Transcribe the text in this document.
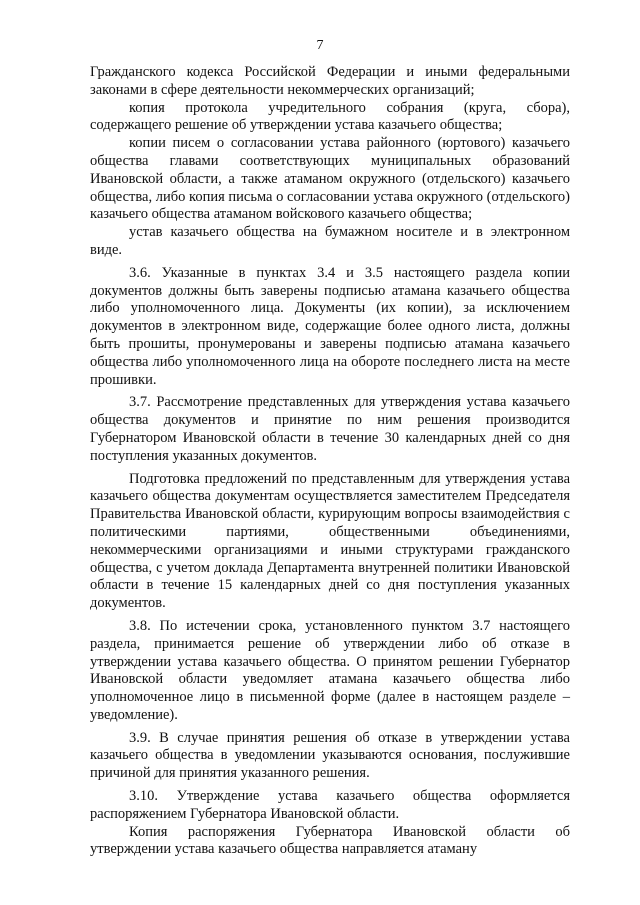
7

Гражданского кодекса Российской Федерации и иными федеральными законами в сфере деятельности некоммерческих организаций;

копия протокола учредительного собрания (круга, сбора), содержащего решение об утверждении устава казачьего общества;

копии писем о согласовании устава районного (юртового) казачьего общества главами соответствующих муниципальных образований Ивановской области, а также атаманом окружного (отдельского) казачьего общества, либо копия письма о согласовании устава окружного (отдельского) казачьего общества атаманом войскового казачьего общества;

устав казачьего общества на бумажном носителе и в электронном виде.

3.6. Указанные в пунктах 3.4 и 3.5 настоящего раздела копии документов должны быть заверены подписью атамана казачьего общества либо уполномоченного лица. Документы (их копии), за исключением документов в электронном виде, содержащие более одного листа, должны быть прошиты, пронумерованы и заверены подписью атамана казачьего общества либо уполномоченного лица на обороте последнего листа на месте прошивки.

3.7. Рассмотрение представленных для утверждения устава казачьего общества документов и принятие по ним решения производится Губернатором Ивановской области в течение 30 календарных дней со дня поступления указанных документов.

Подготовка предложений по представленным для утверждения устава казачьего общества документам осуществляется заместителем Председателя Правительства Ивановской области, курирующим вопросы взаимодействия с политическими партиями, общественными объединениями, некоммерческими организациями и иными структурами гражданского общества, с учетом доклада Департамента внутренней политики Ивановской области в течение 15 календарных дней со дня поступления указанных документов.

3.8. По истечении срока, установленного пунктом 3.7 настоящего раздела, принимается решение об утверждении либо об отказе в утверждении устава казачьего общества. О принятом решении Губернатор Ивановской области уведомляет атамана казачьего общества либо уполномоченное лицо в письменной форме (далее в настоящем разделе – уведомление).

3.9. В случае принятия решения об отказе в утверждении устава казачьего общества в уведомлении указываются основания, послужившие причиной для принятия указанного решения.

3.10. Утверждение устава казачьего общества оформляется распоряжением Губернатора Ивановской области.

Копия распоряжения Губернатора Ивановской области об утверждении устава казачьего общества направляется атаману
